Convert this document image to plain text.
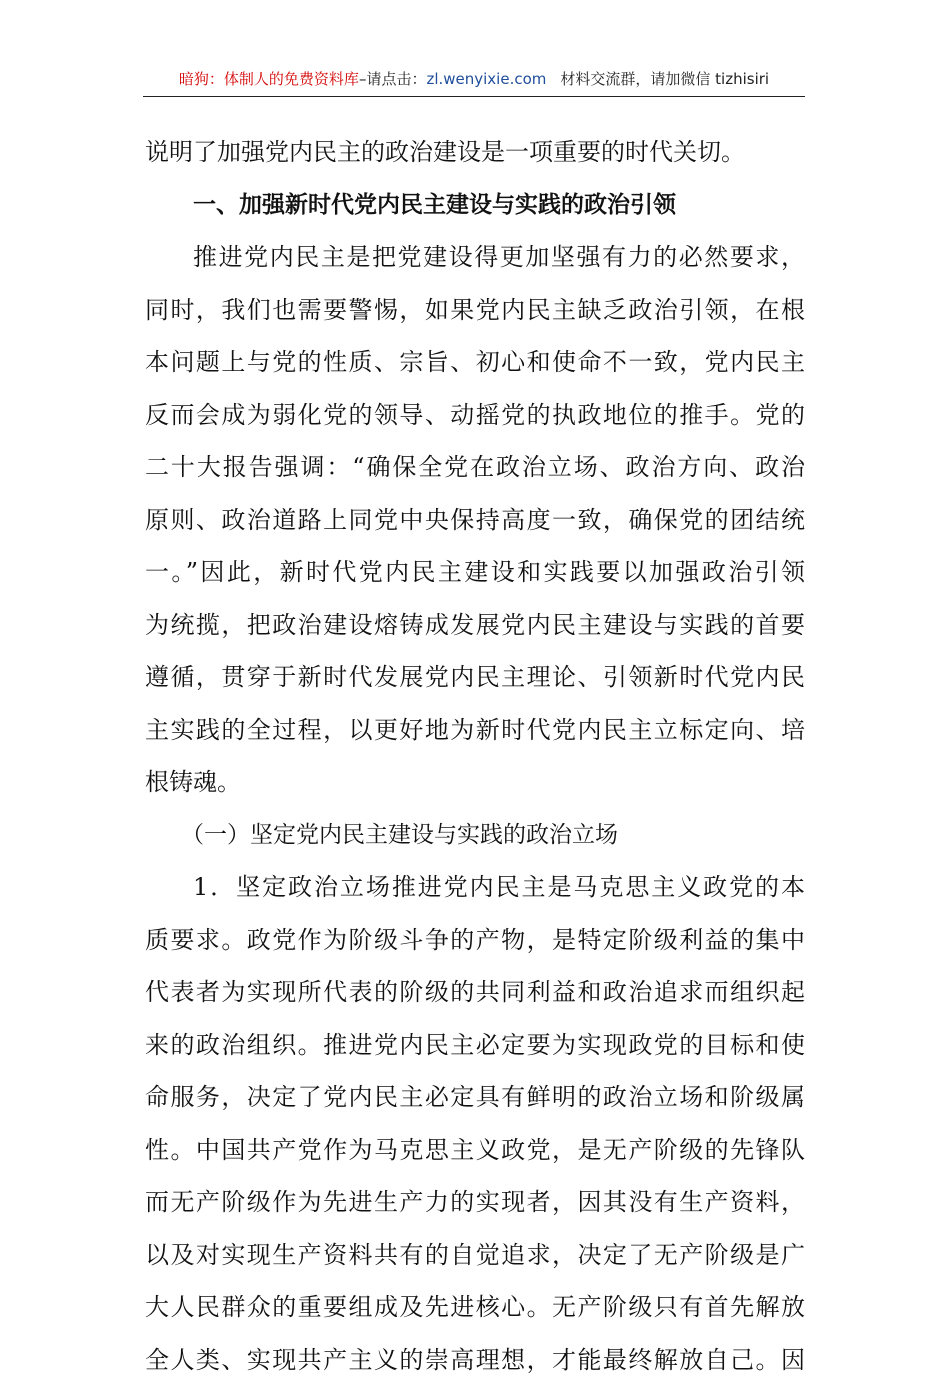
暗狗：体制人的免费资料库–请点击：zl.wenyixie.com 材料交流群，请加微信 tizhisiri
说明了加强党内民主的政治建设是一项重要的时代关切。
一、加强新时代党内民主建设与实践的政治引领
推进党内民主是把党建设得更加坚强有力的必然要求，
同时，我们也需要警惕，如果党内民主缺乏政治引领，在根
本问题上与党的性质、宗旨、初心和使命不一致，党内民主
反而会成为弱化党的领导、动摇党的执政地位的推手。党的
二十大报告强调：“确保全党在政治立场、政治方向、政治
原则、政治道路上同党中央保持高度一致，确保党的团结统
一。”因此，新时代党内民主建设和实践要以加强政治引领
为统揽，把政治建设熔铸成发展党内民主建设与实践的首要
遵循，贯穿于新时代发展党内民主理论、引领新时代党内民
主实践的全过程，以更好地为新时代党内民主立标定向、培
根铸魂。
（一）坚定党内民主建设与实践的政治立场
1．坚定政治立场推进党内民主是马克思主义政党的本
质要求。政党作为阶级斗争的产物，是特定阶级利益的集中
代表者为实现所代表的阶级的共同利益和政治追求而组织起
来的政治组织。推进党内民主必定要为实现政党的目标和使
命服务，决定了党内民主必定具有鲜明的政治立场和阶级属
性。中国共产党作为马克思主义政党，是无产阶级的先锋队
而无产阶级作为先进生产力的实现者，因其没有生产资料，
以及对实现生产资料共有的自觉追求，决定了无产阶级是广
大人民群众的重要组成及先进核心。无产阶级只有首先解放
全人类、实现共产主义的崇高理想，才能最终解放自己。因
